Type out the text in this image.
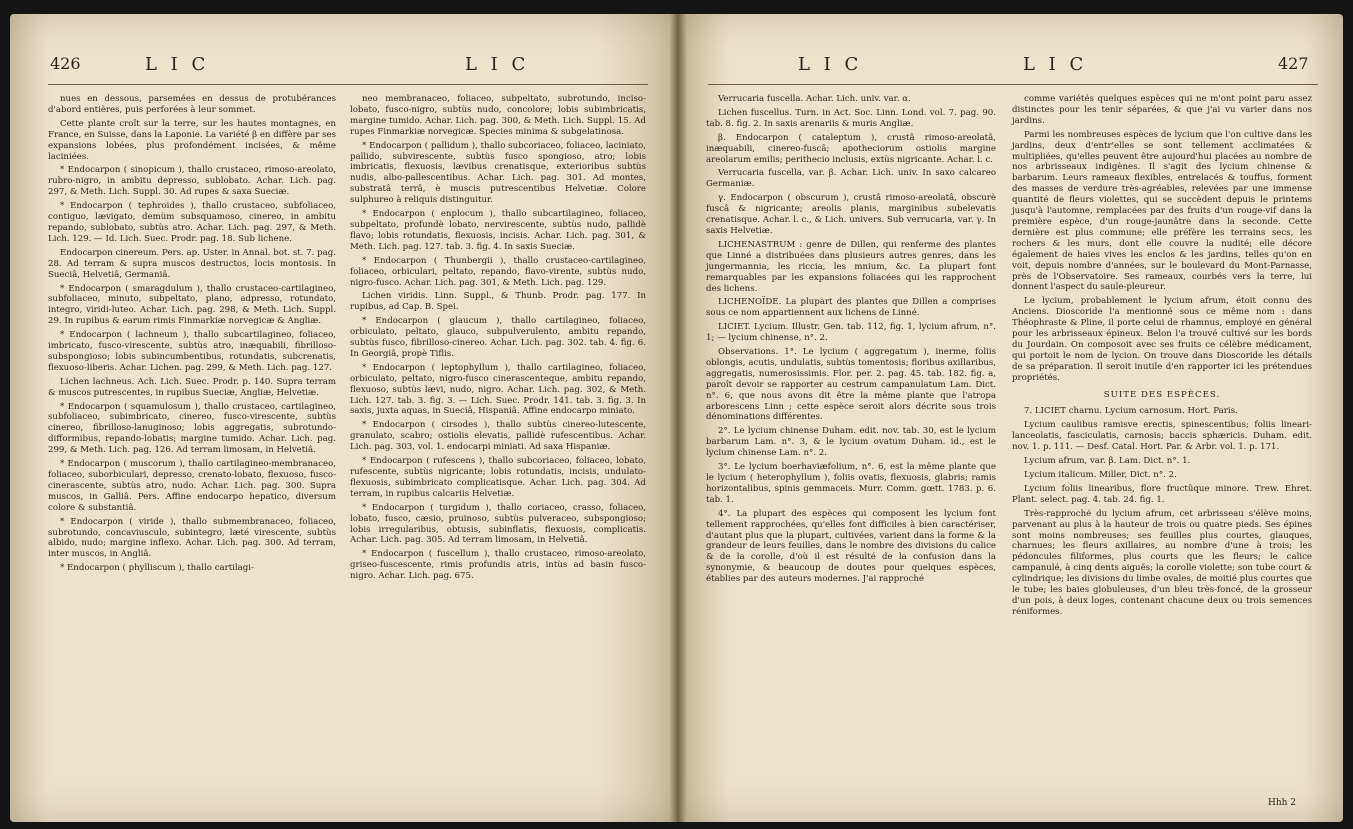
426	L I C	L I C

nues en dessous, parsemées en dessus de protubérances d'abord entières, puis perforées à leur sommet.

Cette plante croît sur la terre, sur les hautes montagnes, en France, en Suisse, dans la Laponie. La variété β en diffère par ses expansions lobées, plus profondément incisées, & même laciniées.

* Endocarpon ( sinopicum ), thallo crustaceo, rimoso-areolato, rubro-nigro, in ambitu depresso, sublobato. Achar. Lich. pag. 297, & Meth. Lich. Suppl. 30. Ad rupes & saxa Sueciæ.

* Endocarpon ( tephroides ), thallo crustaceo, subfoliaceo, contiguo, lævigato, demùm subsquamoso, cinereo, in ambitu repando, sublobato, subtùs atro. Achar. Lich. pag. 297, & Meth. Lich. 129. — Id. Lich. Suec. Prodr. pag. 18. Sub lichene.

Endocarpon cinereum. Pers. ap. Uster. in Annal. bot. st. 7. pag. 28. Ad terram & supra muscos destructos, locis montosis. In Sueciâ, Helvetiâ, Germaniâ.

* Endocarpon ( smaragdulum ), thallo crustaceo-cartilagineo, subfoliaceo, minuto, subpeltato, plano, adpresso, rotundato, integro, viridi-luteo. Achar. Lich. pag. 298, & Meth. Lich. Suppl. 29. In rupibus & earum rimis Finmarkiæ norvegicæ & Angliæ.

* Endocarpon ( lachneum ), thallo subcartilagineo, foliaceo, imbricato, fusco-virescente, subtùs atro, inæquabili, fibrilloso-subspongioso; lobis subincumbentibus, rotundatis, subcrenatis, flexuoso-liberis. Achar. Lichen. pag. 299, & Meth. Lich. pag. 127.

Lichen lachneus. Ach. Lich. Suec. Prodr. p. 140. Supra terram & muscos putrescentes, in rupibus Sueciæ, Angliæ, Helvetiæ.

* Endocarpon ( squamulosum ), thallo crustaceo, cartilagineo, subfoliaceo, subimbricato, cinereo, fusco-virescente, subtùs cinereo, fibrilloso-lanuginoso; lobis aggregatis, subrotundo-difformibus, repando-lobatis; margine tumido. Achar. Lich. pag. 299, & Meth. Lich. pag. 126. Ad terram limosam, in Helvetiâ.

* Endocarpon ( muscorum ), thallo cartilagineo-membranaceo, foliaceo, suborbiculari, depresso, crenato-lobato, flexuoso, fusco-cinerascente, subtùs atro, nudo. Achar. Lich. pag. 300. Supra muscos, in Galliâ. Pers. Affine endocarpo hepatico, diversum colore & substantiâ.

* Endocarpon ( viride ), thallo submembranaceo, foliaceo, subrotundo, concaviusculo, subintegro, læté virescente, subtùs albido, nudo; margine inflexo. Achar. Lich. pag. 300. Ad terram, inter muscos, in Angliâ.

* Endocarpon ( phylliscum ), thallo cartilagi-

neo membranaceo, foliaceo, subpeltato, subrotundo, inciso-lobato, fusco-nigro, subtùs nudo, concolore; lobis subimbricatis, margine tumido. Achar. Lich. pag. 300, & Meth. Lich. Suppl. 15. Ad rupes Finmarkiæ norvegicæ. Species minima & subgelatinosa.

* Endocarpon ( pallidum ), thallo subcoriaceo, foliaceo, laciniato, pallido, subvirescente, subtùs fusco spongioso, atro; lobis imbricatis, flexuosis, lævibus crenatisque, exterioribus subtùs nudis, albo-pallescentibus. Achar. Lich. pag. 301. Ad montes, substratâ terrâ, è muscis putrescentibus Helvetiæ. Colore sulphureo à reliquis distinguitur.

* Endocarpon ( enplocum ), thallo subcartilagineo, foliaceo, subpeltato, profundè lobato, nervirescente, subtùs nudo, pallidè flavo; lobis rotundatis, flexuosis, incisis. Achar. Lich. pag. 301, & Meth. Lich. pag. 127. tab. 3. fig. 4. In saxis Sueciæ.

* Endocarpon ( Thunbergii ), thallo crustaceo-cartilagineo, foliaceo, orbiculari, peltato, repando, flavo-virente, subtùs nudo, nigro-fusco. Achar. Lich. pag. 301, & Meth. Lich. pag. 129.

Lichen viridis. Linn. Suppl., & Thunb. Prodr. pag. 177. In rupibus, ad Cap. B. Spei.

* Endocarpon ( glaucum ), thallo cartilagineo, foliaceo, orbiculato, peltato, glauco, subpulverulento, ambitu repando, subtùs fusco, fibrilloso-cinereo. Achar. Lich. pag. 302. tab. 4. fig. 6. In Georgiâ, propè Tiflis.

* Endocarpon ( leptophyllum ), thallo cartilagineo, foliaceo, orbiculato, peltato, nigro-fusco cinerascenteque, ambitu repando, flexuoso, subtùs lævi, nudo, nigro. Achar. Lich. pag. 302, & Meth. Lich. 127. tab. 3. fig. 3. — Lich. Suec. Prodr. 141. tab. 3. fig. 3. In saxis, juxta aquas, in Sueciâ, Hispaniâ. Affine endocarpo miniato.

* Endocarpon ( cirsodes ), thallo subtùs cinereo-lutescente, granulato, scabro; ostiolis elevatis, pallidè rufescentibus. Achar. Lich. pag. 303, vol. 1. endocarpi miniati. Ad saxa Hispaniæ.

* Endocarpon ( rufescens ), thallo subcoriaceo, foliaceo, lobato, rufescente, subtùs nigricante; lobis rotundatis, incisis, undulato-flexuosis, subimbricato complicatisque. Achar. Lich. pag. 304. Ad terram, in rupibus calcariis Helvetiæ.

* Endocarpon ( turgidum ), thallo coriaceo, crasso, foliaceo, lobato, fusco, cæsio, pruinoso, subtùs pulveraceo, subspongioso; lobis irregularibus, obtusis, subinflatis, flexuosis, complicatis. Achar. Lich. pag. 305. Ad terram limosam, in Helvetiâ.

* Endocarpon ( fuscellum ), thallo crustaceo, rimoso-areolato, griseo-fuscescente, rimis profundis atris, intùs ad basin fusco-nigro. Achar. Lich. pag. 675.

L I C	L I C	427

Verrucaria fuscella. Achar. Lich. univ. var. α.

Lichen fuscellus. Turn. in Act. Soc. Linn. Lond. vol. 7. pag. 90. tab. 8. fig. 2. In saxis arenariis & muris Angliæ.

β. Endocarpon ( cataleptum ), crustâ rimoso-areolatâ, inæquabili, cinereo-fuscâ; apotheciorum ostiolis margine areolarum emilis; perithecio inclusis, extùs nigricante. Achar. l. c.

Verrucaria fuscella, var. β. Achar. Lich. univ. In saxo calcareo Germaniæ.

γ. Endocarpon ( obscurum ), crustâ rimoso-areolatâ, obscurè fuscâ & nigricante; areolis planis, marginibus subelevatis crenatisque. Achar. l. c., & Lich. univers. Sub verrucaria, var. γ. In saxis Helvetiæ.

LICHENASTRUM : genre de Dillen, qui renferme des plantes que Linné a distribuées dans plusieurs autres genres, dans les jungermannia, les riccia, les mnium, &c. La plupart font remarquables par les expansions foliacées qui les rapprochent des lichens.

LICHENOÏDE. La plupart des plantes que Dillen a comprises sous ce nom appartiennent aux lichens de Linné.

LICIET. Lycium. Illustr. Gen. tab. 112, fig. 1, lycium afrum, n°. 1; — lycium chinense, n°. 2.

Observations. 1°. Le lycium ( aggregatum ), inerme, foliis oblongis, acutis, undulatis, subtùs tomentosis; floribus axillaribus, aggregatis, numerosissimis. Flor. per. 2. pag. 45. tab. 182. fig. a, paroît devoir se rapporter au cestrum campanulatum Lam. Dict. n°. 6, que nous avons dit être la même plante que l'atropa arborescens Linn ; cette espèce seroit alors décrite sous trois dénominations différentes.

2°. Le lycium chinense Duham. edit. nov. tab. 30, est le lycium barbarum Lam. n°. 3, & le lycium ovatum Duham. id., est le lycium chinense Lam. n°. 2.

3°. Le lycium boerhaviæfolium, n°. 6, est la même plante que le lycium ( heterophyllum ), foliis ovatis, flexuosis, glabris; ramis horizontalibus, spinis gemmaceis. Murr. Comm. gœtt. 1783. p. 6. tab. 1.

4°. La plupart des espèces qui composent les lycium font tellement rapprochées, qu'elles font difficiles à bien caractériser, d'autant plus que la plupart, cultivées, varient dans la forme & la grandeur de leurs feuilles, dans le nombre des divisions du calice & de la corolle, d'où il est résulté de la confusion dans la synonymie, & beaucoup de doutes pour quelques espèces, établies par des auteurs modernes. J'ai rapproché

comme variétés quelques espèces qui ne m'ont point paru assez distinctes pour les tenir séparées, & que j'ai vu varier dans nos jardins.

Parmi les nombreuses espèces de lycium que l'on cultive dans les jardins, deux d'entr'elles se sont tellement acclimatées & multipliées, qu'elles peuvent être aujourd'hui placées au nombre de nos arbrisseaux indigènes. Il s'agit des lycium chinense & barbarum. Leurs rameaux flexibles, entrelacés & touffus, forment des masses de verdure très-agréables, relevées par une immense quantité de fleurs violettes, qui se succèdent depuis le printems jusqu'à l'automne, remplacées par des fruits d'un rouge-vif dans la première espèce, d'un rouge-jaunâtre dans la seconde. Cette dernière est plus commune; elle préfère les terrains secs, les rochers & les murs, dont elle couvre la nudité; elle décore également de haies vives les enclos & les jardins, telles qu'on en voit, depuis nombre d'années, sur le boulevard du Mont-Parnasse, près de l'Observatoire. Ses rameaux, courbés vers la terre, lui donnent l'aspect du saule-pleureur.

Le lycium, probablement le lycium afrum, étoit connu des Anciens. Dioscoride l'a mentionné sous ce même nom : dans Théophraste & Pline, il porte celui de rhamnus, employé en général pour les arbrisseaux épineux. Belon l'a trouvé cultivé sur les bords du Jourdain. On composoit avec ses fruits ce célèbre médicament, qui portoit le nom de lycion. On trouve dans Dioscoride les détails de sa préparation. Il seroit inutile d'en rapporter ici les prétendues propriétés.

SUITE DES ESPÈCES.

7. LICIET charnu. Lycium carnosum. Hort. Paris.

Lycium caulibus ramisve erectis, spinescentibus; foliis lineari-lanceolatis, fasciculatis, carnosis; baccis sphæricis. Duham. edit. nov. 1. p. 111. — Desf. Catal. Hort. Par. & Arbr. vol. 1. p. 171.

Lycium afrum, var. β. Lam. Dict. n°. 1.

Lycium italicum. Miller, Dict. n°. 2.

Lycium foliis linearibus, flore fructûque minore. Trew. Ehret. Plant. select. pag. 4. tab. 24. fig. 1.

Très-rapproché du lycium afrum, cet arbrisseau s'élève moins, parvenant au plus à la hauteur de trois ou quatre pieds. Ses épines sont moins nombreuses; ses feuilles plus courtes, glauques, charnues; les fleurs axillaires, au nombre d'une à trois; les pédoncules filiformes, plus courts que les fleurs; le calice campanulé, à cinq dents aiguës; la corolle violette; son tube court & cylindrique; les divisions du limbe ovales, de moitié plus courtes que le tube; les baies globuleuses, d'un bleu très-foncé, de la grosseur d'un pois, à deux loges, contenant chacune deux ou trois semences réniformes.

Hhh 2
